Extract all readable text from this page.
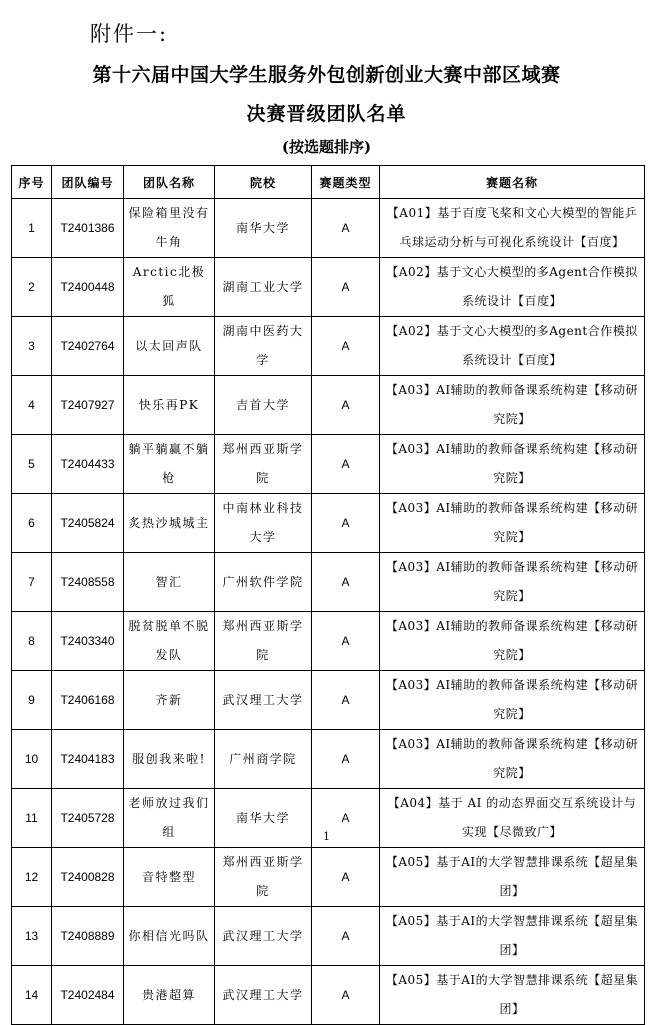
附件一:
第十六届中国大学生服务外包创新创业大赛中部区域赛
决赛晋级团队名单
(按选题排序)
序号	团队编号	团队名称	院校	赛题类型	赛题名称
1	T2401386	保险箱里没有牛角	南华大学	A	【A01】基于百度飞桨和文心大模型的智能乒乓球运动分析与可视化系统设计【百度】
2	T2400448	Arctic北极狐	湖南工业大学	A	【A02】基于文心大模型的多Agent合作模拟系统设计【百度】
3	T2402764	以太回声队	湖南中医药大学	A	【A02】基于文心大模型的多Agent合作模拟系统设计【百度】
4	T2407927	快乐再PK	吉首大学	A	【A03】AI辅助的教师备课系统构建【移动研究院】
5	T2404433	躺平躺赢不躺枪	郑州西亚斯学院	A	【A03】AI辅助的教师备课系统构建【移动研究院】
6	T2405824	炙热沙城城主	中南林业科技大学	A	【A03】AI辅助的教师备课系统构建【移动研究院】
7	T2408558	智汇	广州软件学院	A	【A03】AI辅助的教师备课系统构建【移动研究院】
8	T2403340	脱贫脱单不脱发队	郑州西亚斯学院	A	【A03】AI辅助的教师备课系统构建【移动研究院】
9	T2406168	齐新	武汉理工大学	A	【A03】AI辅助的教师备课系统构建【移动研究院】
10	T2404183	服创我来啦!	广州商学院	A	【A03】AI辅助的教师备课系统构建【移动研究院】
11	T2405728	老师放过我们组	南华大学	A	【A04】基于 AI 的动态界面交互系统设计与实现【尽微致广】
12	T2400828	音特整型	郑州西亚斯学院	A	【A05】基于AI的大学智慧排课系统【超星集团】
13	T2408889	你相信光吗队	武汉理工大学	A	【A05】基于AI的大学智慧排课系统【超星集团】
14	T2402484	贵港超算	武汉理工大学	A	【A05】基于AI的大学智慧排课系统【超星集团】
1
